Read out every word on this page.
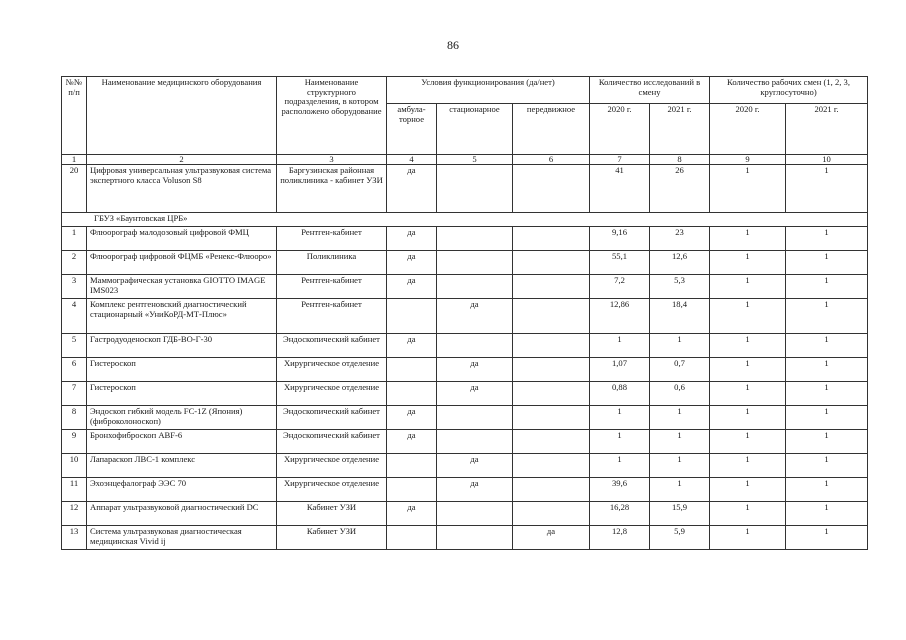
86
№№ п/п	Наименование медицинского оборудования	Наименование структурного подразделения, в котором расположено оборудование	Условия функционирования (да/нет)			Количество исследований в смену		Количество рабочих смен (1, 2, 3, круглосуточно)	
			амбула-торное	стационарное	передвижное	2020 г.	2021 г.	2020 г.	2021 г.
1	2	3	4	5	6	7	8	9	10
20	Цифровая универсальная ультразвуковая система экспертного класса Voluson S8	Баргузинская районная поликлиника - кабинет УЗИ	да			41	26	1	1
ГБУЗ «Баунтовская ЦРБ»									
1	Флюорограф малодозовый цифровой ФМЦ	Рентген-кабинет	да			9,16	23	1	1
2	Флюорограф цифровой ФЦМБ «Ренекс-Флюоро»	Поликлиника	да			55,1	12,6	1	1
3	Маммографическая установка GIOTTO IMAGE IMS023	Рентген-кабинет	да			7,2	5,3	1	1
4	Комплекс рентгеновский диагностический стационарный «УниКоРД-МТ-Плюс»	Рентген-кабинет		да		12,86	18,4	1	1
5	Гастродуоденоскоп ГДБ-ВО-Г-30	Эндоскопический кабинет	да			1	1	1	1
6	Гистероскоп	Хирургическое отделение		да		1,07	0,7	1	1
7	Гистероскоп	Хирургическое отделение		да		0,88	0,6	1	1
8	Эндоскоп гибкий модель FC-1Z (Япония) (фиброколоноскоп)	Эндоскопический кабинет	да			1	1	1	1
9	Бронхофиброскоп ABF-6	Эндоскопический кабинет	да			1	1	1	1
10	Лапараскоп ЛВС-1 комплекс	Хирургическое отделение		да		1	1	1	1
11	Эхоэнцефалограф ЭЭС 70	Хирургическое отделение		да		39,6	1	1	1
12	Аппарат ультразвуковой диагностический DC	Кабинет УЗИ	да			16,28	15,9	1	1
13	Система ультразвуковая диагностическая медицинская Vivid ij	Кабинет УЗИ			да	12,8	5,9	1	1
